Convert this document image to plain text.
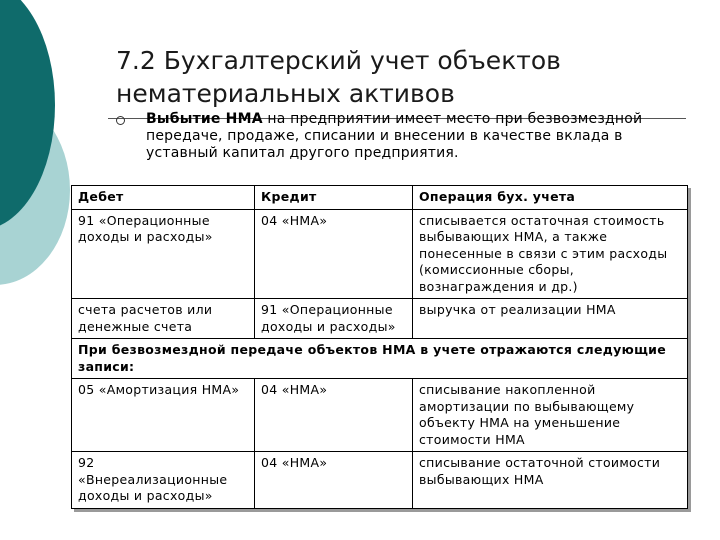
7.2 Бухгалтерский учет объектов
нематериальных активов
Выбытие НМА на предприятии имеет место при безвозмездной передаче, продаже, списании и внесении в качестве вклада в уставный капитал другого предприятия.
Дебет	Кредит	Операция бух. учета
91 «Операционные доходы и расходы»	04 «НМА»	списывается остаточная стоимость выбывающих НМА, а также понесенные в связи с этим расходы (комиссионные сборы, вознаграждения и др.)
счета расчетов или денежные счета	91 «Операционные доходы и расходы»	выручка от реализации НМА
При безвозмездной передаче объектов НМА в учете отражаются следующие записи:		
05 «Амортизация НМА»	04 «НМА»	списывание накопленной амортизации по выбывающему объекту НМА на уменьшение стоимости НМА
92 «Внереализационные доходы и расходы»	04 «НМА»	списывание остаточной стоимости выбывающих НМА
